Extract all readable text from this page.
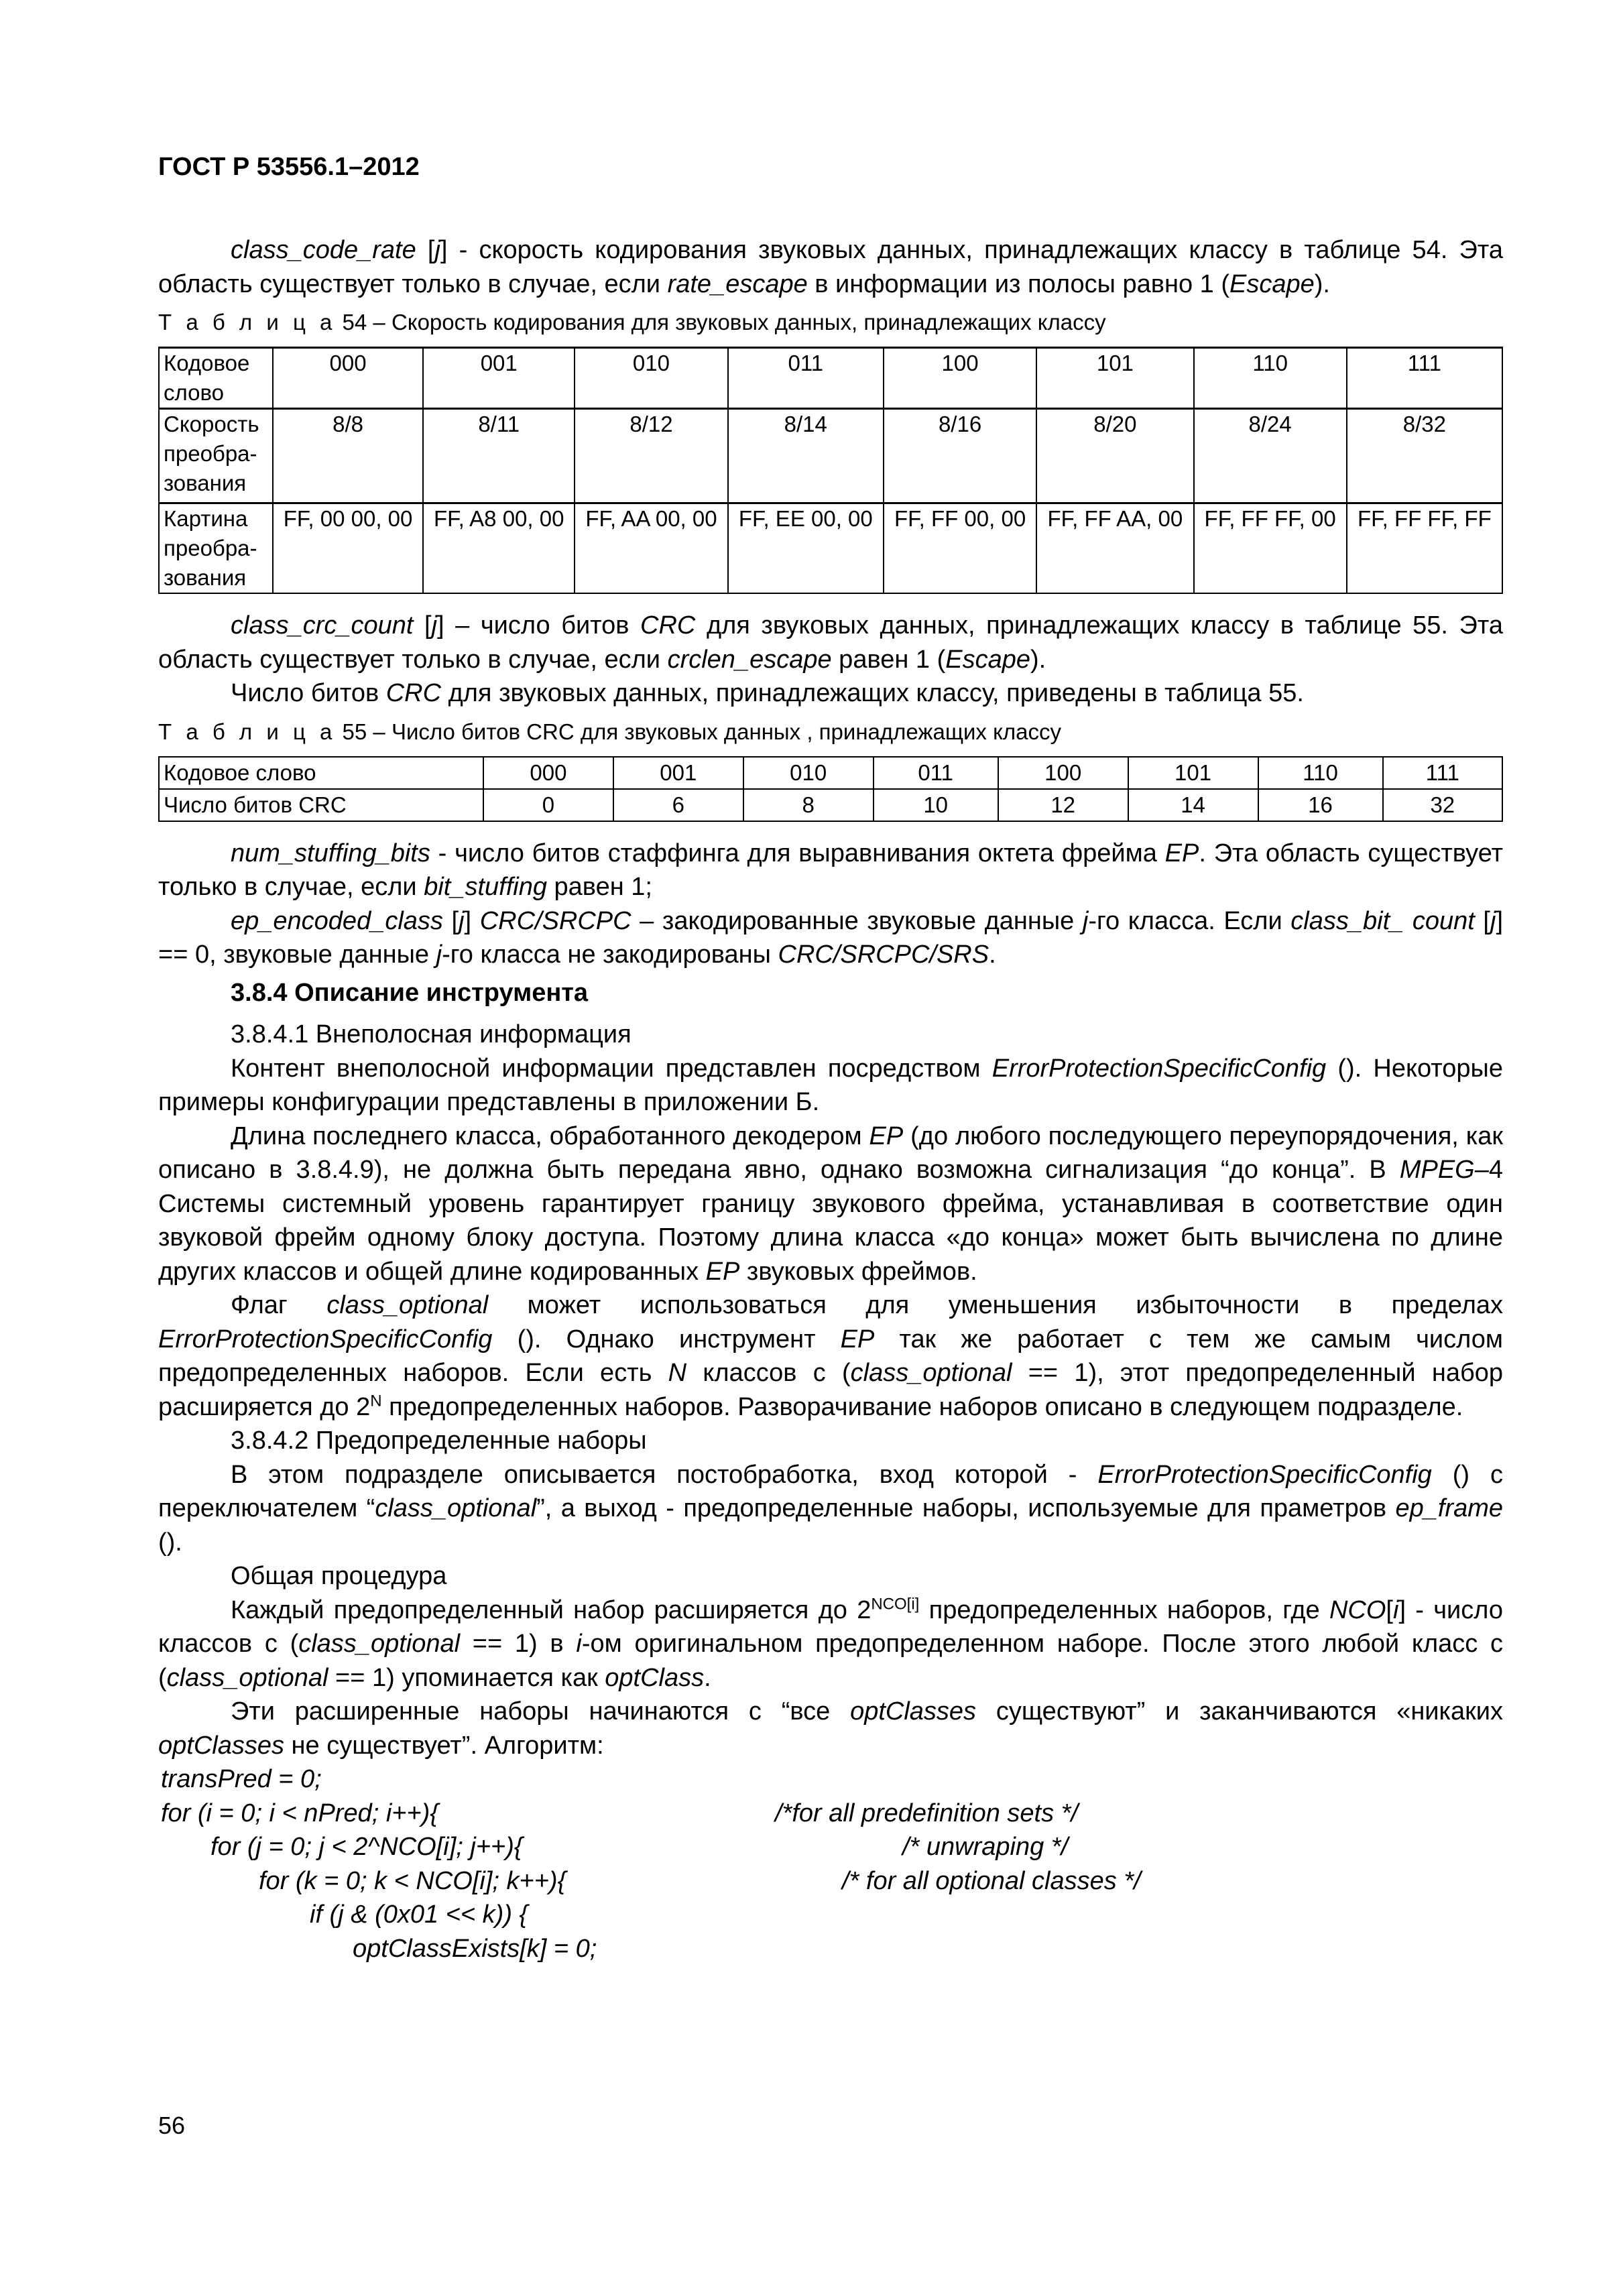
ГОСТ Р 53556.1–2012

class_code_rate [j] - скорость кодирования звуковых данных, принадлежащих классу в таблице 54. Эта область существует только в случае, если rate_escape в информации из полосы равно 1 (Escape).

Т а б л и ц а 54 – Скорость кодирования для звуковых данных, принадлежащих классу
Кодовое слово	000	001	010	011	100	101	110	111
Скорость преобра-зования	8/8	8/11	8/12	8/14	8/16	8/20	8/24	8/32
Картина преобра-зования	FF, 00 00, 00	FF, A8 00, 00	FF, AA 00, 00	FF, EE 00, 00	FF, FF 00, 00	FF, FF AA, 00	FF, FF FF, 00	FF, FF FF, FF

class_crc_count [j] – число битов CRC для звуковых данных, принадлежащих классу в таблице 55. Эта область существует только в случае, если crclen_escape равен 1 (Escape).

Число битов CRC для звуковых данных, принадлежащих классу, приведены в таблица 55.

Т а б л и ц а 55 – Число битов CRC для звуковых данных , принадлежащих классу
Кодовое слово	000	001	010	011	100	101	110	111
Число битов CRC	0	6	8	10	12	14	16	32

num_stuffing_bits - число битов стаффинга для выравнивания октета фрейма EP. Эта область существует только в случае, если bit_stuffing равен 1;

ep_encoded_class [j] CRC/SRCPC – закодированные звуковые данные j-го класса. Если class_bit_ count [j] == 0, звуковые данные j-го класса не закодированы CRC/SRCPC/SRS.

3.8.4 Описание инструмента

3.8.4.1 Внеполосная информация

Контент внеполосной информации представлен посредством ErrorProtectionSpecificConfig (). Некоторые примеры конфигурации представлены в приложении Б.

Длина последнего класса, обработанного декодером EP (до любого последующего переупорядочения, как описано в 3.8.4.9), не должна быть передана явно, однако возможна сигнализация “до конца”. В MPEG–4 Системы системный уровень гарантирует границу звукового фрейма, устанавливая в соответствие один звуковой фрейм одному блоку доступа. Поэтому длина класса «до конца» может быть вычислена по длине других классов и общей длине кодированных EP звуковых фреймов.

Флаг class_optional может использоваться для уменьшения избыточности в пределах ErrorProtectionSpecificConfig (). Однако инструмент EP так же работает с тем же самым числом предопределенных наборов. Если есть N классов с (class_optional == 1), этот предопределенный набор расширяется до $2^N$ предопределенных наборов. Разворачивание наборов описано в следующем подразделе.

3.8.4.2 Предопределенные наборы

В этом подразделе описывается постобработка, вход которой - ErrorProtectionSpecificConfig () с переключателем “class_optional”, а выход - предопределенные наборы, используемые для праметров ep_frame ().

Общая процедура

Каждый предопределенный набор расширяется до $2^{NCO[i]}$ предопределенных наборов, где NCO[i] - число классов с (class_optional == 1) в i-ом оригинальном предопределенном наборе. После этого любой класс с (class_optional == 1) упоминается как optClass.

Эти расширенные наборы начинаются с “все optClasses существуют” и заканчиваются «никаких optClasses не существует”. Алгоритм:

transPred = 0;
for (i = 0; i < nPred; i++){	/*for all predefinition sets */
for (j = 0; j < 2^NCO[i]; j++){	/* unwraping */
for (k = 0; k < NCO[i]; k++){	/* for all optional classes */
if (j & (0x01 << k)) {
optClassExists[k] = 0;
56
